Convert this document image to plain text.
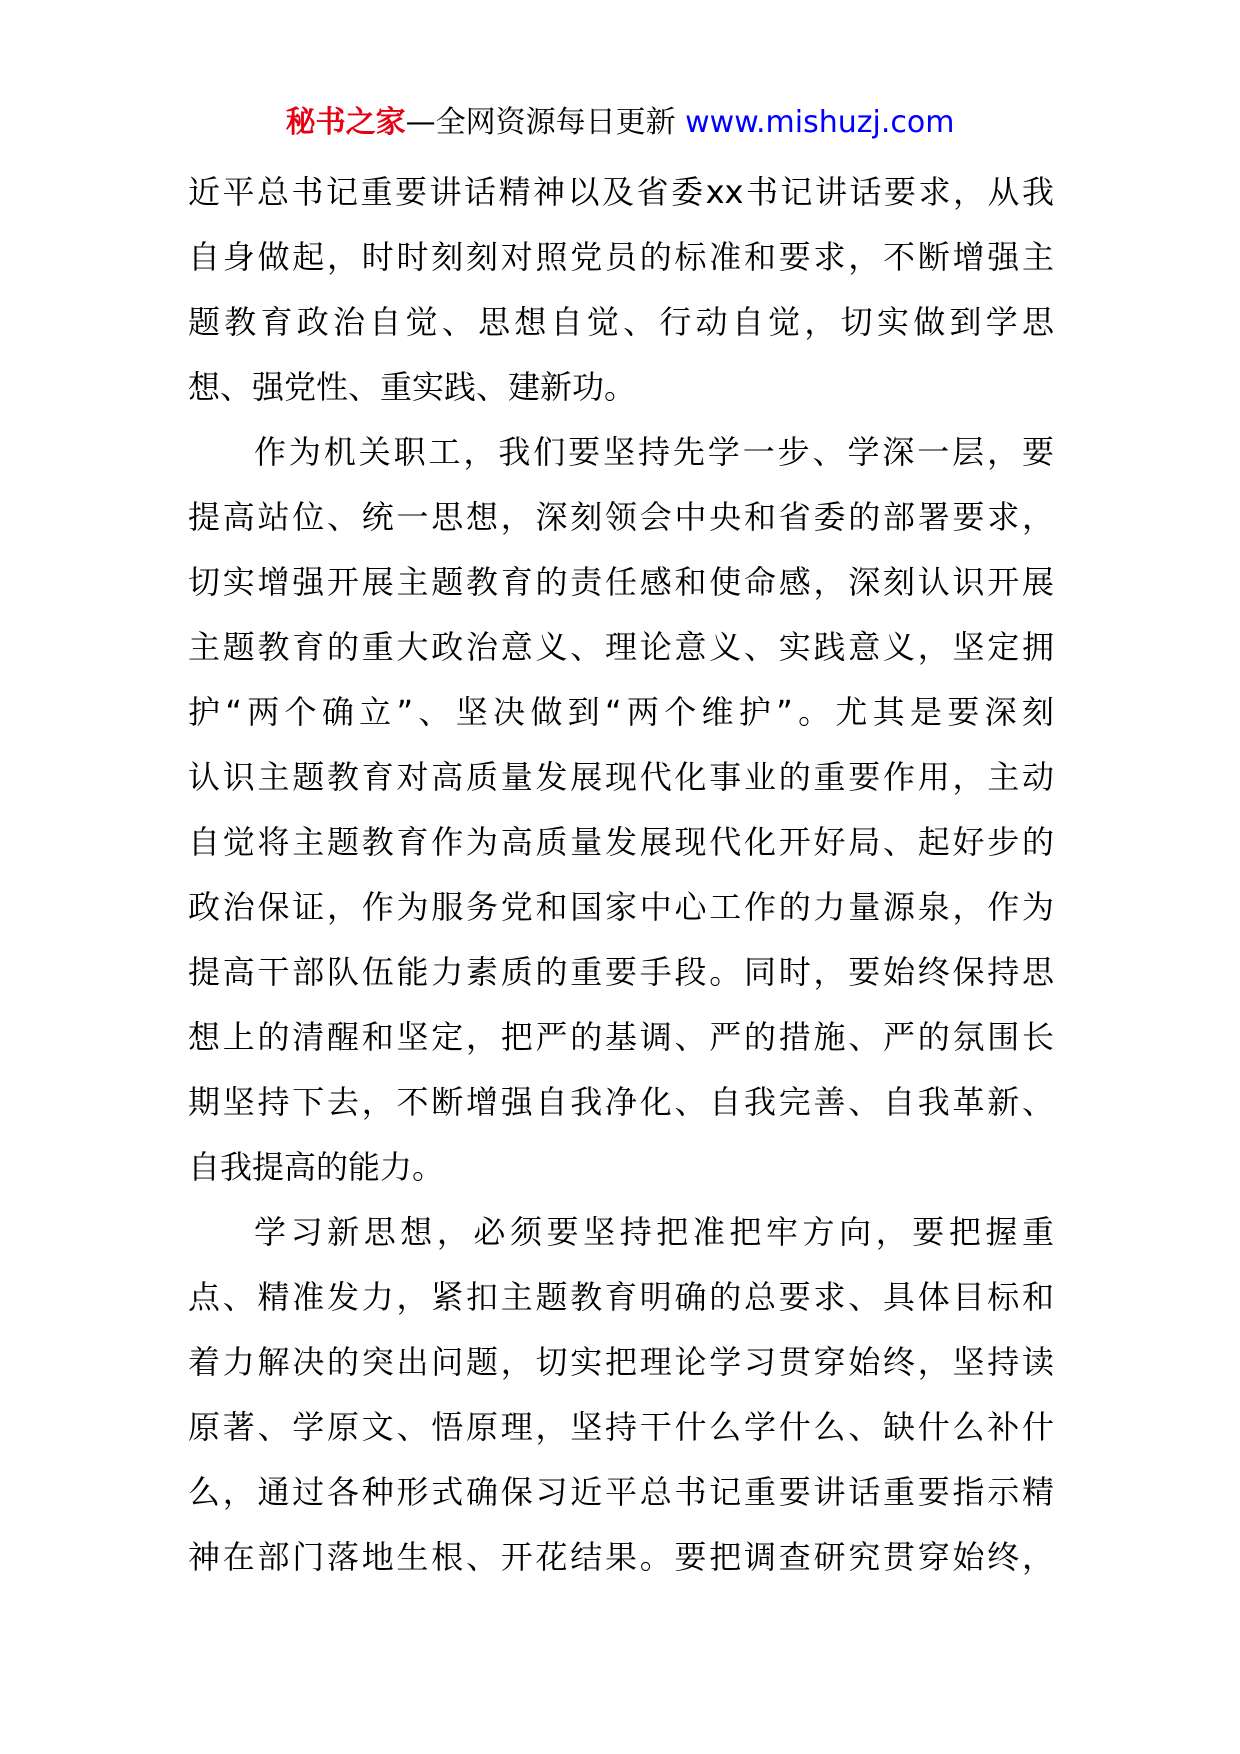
秘书之家—全网资源每日更新 www.mishuzj.com
近平总书记重要讲话精神以及省委xx书记讲话要求，从我
自身做起，时时刻刻对照党员的标准和要求，不断增强主
题教育政治自觉、思想自觉、行动自觉，切实做到学思
想、强党性、重实践、建新功。
作为机关职工，我们要坚持先学一步、学深一层，要
提高站位、统一思想，深刻领会中央和省委的部署要求，
切实增强开展主题教育的责任感和使命感，深刻认识开展
主题教育的重大政治意义、理论意义、实践意义，坚定拥
护“两个确立”、坚决做到“两个维护”。尤其是要深刻
认识主题教育对高质量发展现代化事业的重要作用，主动
自觉将主题教育作为高质量发展现代化开好局、起好步的
政治保证，作为服务党和国家中心工作的力量源泉，作为
提高干部队伍能力素质的重要手段。同时，要始终保持思
想上的清醒和坚定，把严的基调、严的措施、严的氛围长
期坚持下去，不断增强自我净化、自我完善、自我革新、
自我提高的能力。
学习新思想，必须要坚持把准把牢方向，要把握重
点、精准发力，紧扣主题教育明确的总要求、具体目标和
着力解决的突出问题，切实把理论学习贯穿始终，坚持读
原著、学原文、悟原理，坚持干什么学什么、缺什么补什
么，通过各种形式确保习近平总书记重要讲话重要指示精
神在部门落地生根、开花结果。要把调查研究贯穿始终，
